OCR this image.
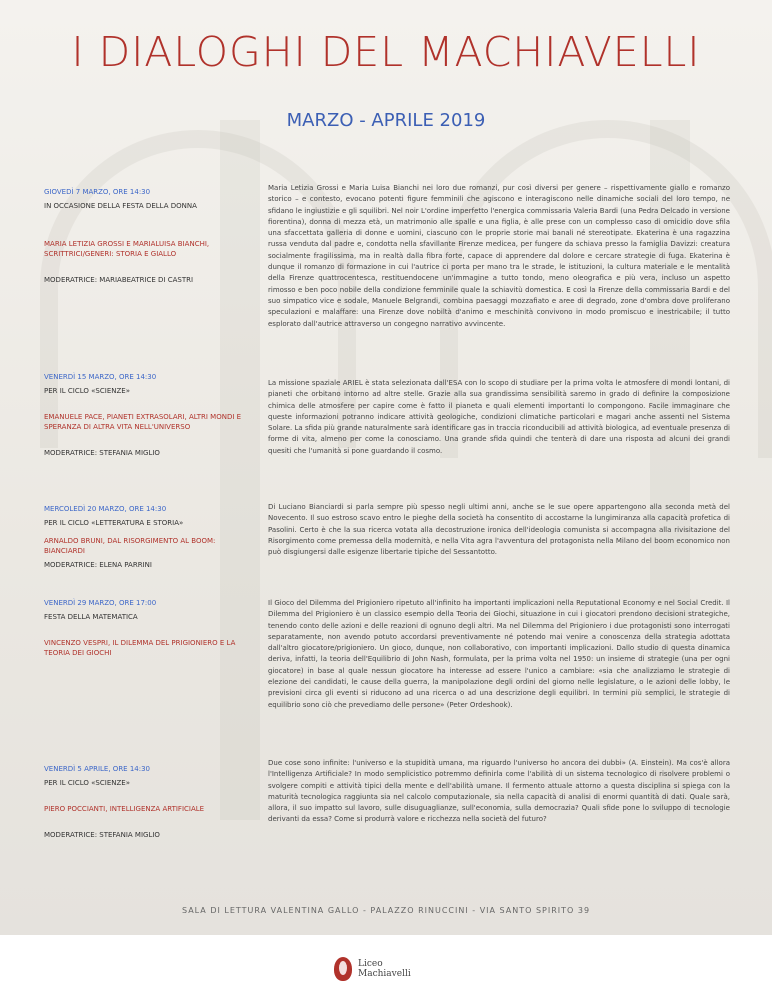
I DIALOGHI DEL MACHIAVELLI
MARZO - APRILE 2019
GIOVEDÌ 7 MARZO, ORE 14:30
IN OCCASIONE DELLA FESTA DELLA DONNA
MARIA LETIZIA GROSSI E MARIALUISA BIANCHI, SCRITTRICI/GENERI: STORIA E GIALLO
MODERATRICE: MARIABEATRICE DI CASTRI
Maria Letizia Grossi e Maria Luisa Bianchi nei loro due romanzi, pur così diversi per genere – rispettivamente giallo e romanzo storico – e contesto, evocano potenti figure femminili che agiscono e interagiscono nelle dinamiche sociali del loro tempo, ne sfidano le ingiustizie e gli squilibri. Nel noir L'ordine imperfetto l'energica commissaria Valeria Bardi (una Pedra Delcado in versione fiorentina), donna di mezza età, un matrimonio alle spalle e una figlia, è alle prese con un complesso caso di omicidio dove sfila una sfaccettata galleria di donne e uomini, ciascuno con le proprie storie mai banali né stereotipate. Ekaterina è una ragazzina russa venduta dal padre e, condotta nella sfavillante Firenze medicea, per fungere da schiava presso la famiglia Davizzi: creatura socialmente fragilissima, ma in realtà dalla fibra forte, capace di apprendere dal dolore e cercare strategie di fuga. Ekaterina è dunque il romanzo di formazione in cui l'autrice ci porta per mano tra le strade, le istituzioni, la cultura materiale e le mentalità della Firenze quattrocentesca, restituendocene un'immagine a tutto tondo, meno oleografica e più vera, incluso un aspetto rimosso e ben poco nobile della condizione femminile quale la schiavitù domestica. E così la Firenze della commissaria Bardi e del suo simpatico vice e sodale, Manuele Belgrandi, combina paesaggi mozzafiato e aree di degrado, zone d'ombra dove proliferano speculazioni e malaffare: una Firenze dove nobiltà d'animo e meschinità convivono in modo promiscuo e inestricabile; il tutto esplorato dall'autrice attraverso un congegno narrativo avvincente.
VENERDÌ 15 MARZO, ORE 14:30
PER IL CICLO «SCIENZE»
EMANUELE PACE, PIANETI EXTRASOLARI, ALTRI MONDI E SPERANZA DI ALTRA VITA NELL'UNIVERSO
MODERATRICE: STEFANIA MIGLIO
La missione spaziale ARIEL è stata selezionata dall'ESA con lo scopo di studiare per la prima volta le atmosfere di mondi lontani, di pianeti che orbitano intorno ad altre stelle. Grazie alla sua grandissima sensibilità saremo in grado di definire la composizione chimica delle atmosfere per capire come è fatto il pianeta e quali elementi importanti lo compongono. Facile immaginare che queste informazioni potranno indicare attività geologiche, condizioni climatiche particolari e magari anche assenti nel Sistema Solare. La sfida più grande naturalmente sarà identificare gas in traccia riconducibili ad attività biologica, ad eventuale presenza di forme di vita, almeno per come la conosciamo. Una grande sfida quindi che tenterà di dare una risposta ad alcuni dei grandi quesiti che l'umanità si pone guardando il cosmo.
MERCOLEDÌ 20 MARZO, ORE 14:30
PER IL CICLO «LETTERATURA E STORIA»
ARNALDO BRUNI, DAL RISORGIMENTO AL BOOM: BIANCIARDI
MODERATRICE: ELENA PARRINI
Di Luciano Bianciardi si parla sempre più spesso negli ultimi anni, anche se le sue opere appartengono alla seconda metà del Novecento. Il suo estroso scavo entro le pieghe della società ha consentito di accostarne la lungimiranza alla capacità profetica di Pasolini. Certo è che la sua ricerca votata alla decostruzione ironica dell'ideologia comunista si accompagna alla rivisitazione del Risorgimento come premessa della modernità, e nella Vita agra l'avventura del protagonista nella Milano del boom economico non può disgiungersi dalle esigenze libertarie tipiche del Sessantotto.
VENERDÌ 29 MARZO, ORE 17:00
FESTA DELLA MATEMATICA
VINCENZO VESPRI, IL DILEMMA DEL PRIGIONIERO E LA TEORIA DEI GIOCHI
Il Gioco del Dilemma del Prigioniero ripetuto all'infinito ha importanti implicazioni nella Reputational Economy e nel Social Credit. Il Dilemma del Prigioniero è un classico esempio della Teoria dei Giochi, situazione in cui i giocatori prendono decisioni strategiche, tenendo conto delle azioni e delle reazioni di ognuno degli altri. Ma nel Dilemma del Prigioniero i due protagonisti sono interrogati separatamente, non avendo potuto accordarsi preventivamente né potendo mai venire a conoscenza della strategia adottata dall'altro giocatore/prigioniero. Un gioco, dunque, non collaborativo, con importanti implicazioni. Dallo studio di questa dinamica deriva, infatti, la teoria dell'Equilibrio di John Nash, formulata, per la prima volta nel 1950: un insieme di strategie (una per ogni giocatore) in base al quale nessun giocatore ha interesse ad essere l'unico a cambiare: «sia che analizziamo le strategie di elezione dei candidati, le cause della guerra, la manipolazione degli ordini del giorno nelle legislature, o le azioni delle lobby, le previsioni circa gli eventi si riducono ad una ricerca o ad una descrizione degli equilibri. In termini più semplici, le strategie di equilibrio sono ciò che prevediamo delle persone» (Peter Ordeshook).
VENERDÌ 5 APRILE, ORE 14:30
PER IL CICLO «SCIENZE»
PIERO POCCIANTI, INTELLIGENZA ARTIFICIALE
MODERATRICE: STEFANIA MIGLIO
Due cose sono infinite: l'universo e la stupidità umana, ma riguardo l'universo ho ancora dei dubbi» (A. Einstein). Ma cos'è allora l'Intelligenza Artificiale? In modo semplicistico potremmo definirla come l'abilità di un sistema tecnologico di risolvere problemi o svolgere compiti e attività tipici della mente e dell'abilità umane. Il fermento attuale attorno a questa disciplina si spiega con la maturità tecnologica raggiunta sia nel calcolo computazionale, sia nella capacità di analisi di enormi quantità di dati. Quale sarà, allora, il suo impatto sul lavoro, sulle disuguaglianze, sull'economia, sulla democrazia? Quali sfide pone lo sviluppo di tecnologie derivanti da essa? Come si produrrà valore e ricchezza nella società del futuro?
SALA DI LETTURA VALENTINA GALLO - PALAZZO RINUCCINI - VIA SANTO SPIRITO 39
Liceo
Machiavelli
